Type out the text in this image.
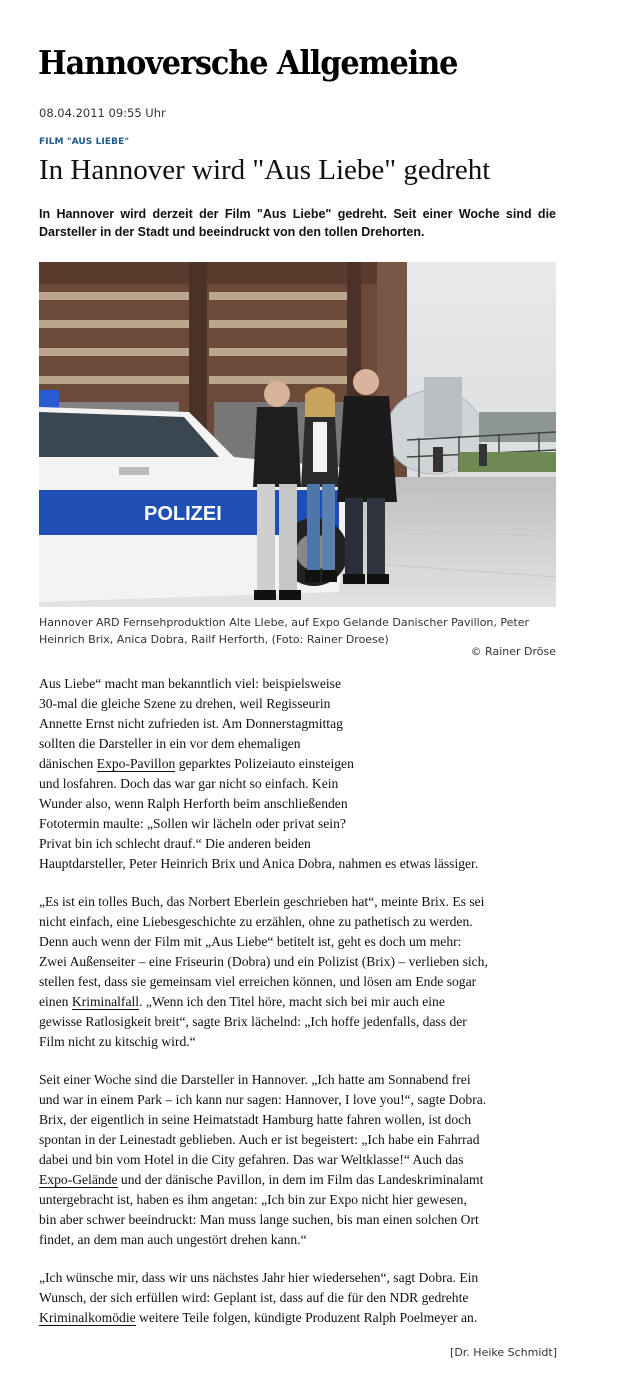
Hannoversche Allgemeine
08.04.2011 09:55 Uhr
FILM "AUS LIEBE"
In Hannover wird "Aus Liebe" gedreht

In Hannover wird derzeit der Film "Aus Liebe" gedreht. Seit einer Woche sind die Darsteller in der Stadt und beeindruckt von den tollen Drehorten.

POLIZEI
Hannover ARD Fernsehproduktion Alte LIebe, auf Expo Gelande Danischer Pavillon, Peter Heinrich Brix, Anica Dobra, Railf Herforth, (Foto: Rainer Droese)
© Rainer Dröse

Aus Liebe“ macht man bekanntlich viel: beispielsweise
30-mal die gleiche Szene zu drehen, weil Regisseurin
Annette Ernst nicht zufrieden ist. Am Donnerstagmittag
sollten die Darsteller in ein vor dem ehemaligen
dänischen Expo-Pavillon geparktes Polizeiauto einsteigen
und losfahren. Doch das war gar nicht so einfach. Kein
Wunder also, wenn Ralph Herforth beim anschließenden
Fototermin maulte: „Sollen wir lächeln oder privat sein?
Privat bin ich schlecht drauf.“ Die anderen beiden
Hauptdarsteller, Peter Heinrich Brix und Anica Dobra, nahmen es etwas lässiger.

„Es ist ein tolles Buch, das Norbert Eberlein geschrieben hat“, meinte Brix. Es sei
nicht einfach, eine Liebesgeschichte zu erzählen, ohne zu pathetisch zu werden.
Denn auch wenn der Film mit „Aus Liebe“ betitelt ist, geht es doch um mehr:
Zwei Außenseiter – eine Friseurin (Dobra) und ein Polizist (Brix) – verlieben sich,
stellen fest, dass sie gemeinsam viel erreichen können, und lösen am Ende sogar
einen Kriminalfall. „Wenn ich den Titel höre, macht sich bei mir auch eine
gewisse Ratlosigkeit breit“, sagte Brix lächelnd: „Ich hoffe jedenfalls, dass der
Film nicht zu kitschig wird.“

Seit einer Woche sind die Darsteller in Hannover. „Ich hatte am Sonnabend frei
und war in einem Park – ich kann nur sagen: Hannover, I love you!“, sagte Dobra.
Brix, der eigentlich in seine Heimatstadt Hamburg hatte fahren wollen, ist doch
spontan in der Leinestadt geblieben. Auch er ist begeistert: „Ich habe ein Fahrrad
dabei und bin vom Hotel in die City gefahren. Das war Weltklasse!“ Auch das
Expo-Gelände und der dänische Pavillon, in dem im Film das Landeskriminalamt
untergebracht ist, haben es ihm angetan: „Ich bin zur Expo nicht hier gewesen,
bin aber schwer beeindruckt: Man muss lange suchen, bis man einen solchen Ort
findet, an dem man auch ungestört drehen kann.“

„Ich wünsche mir, dass wir uns nächstes Jahr hier wiedersehen“, sagt Dobra. Ein
Wunsch, der sich erfüllen wird: Geplant ist, dass auf die für den NDR gedrehte
Kriminalkomödie weitere Teile folgen, kündigte Produzent Ralph Poelmeyer an.

[Dr. Heike Schmidt]
